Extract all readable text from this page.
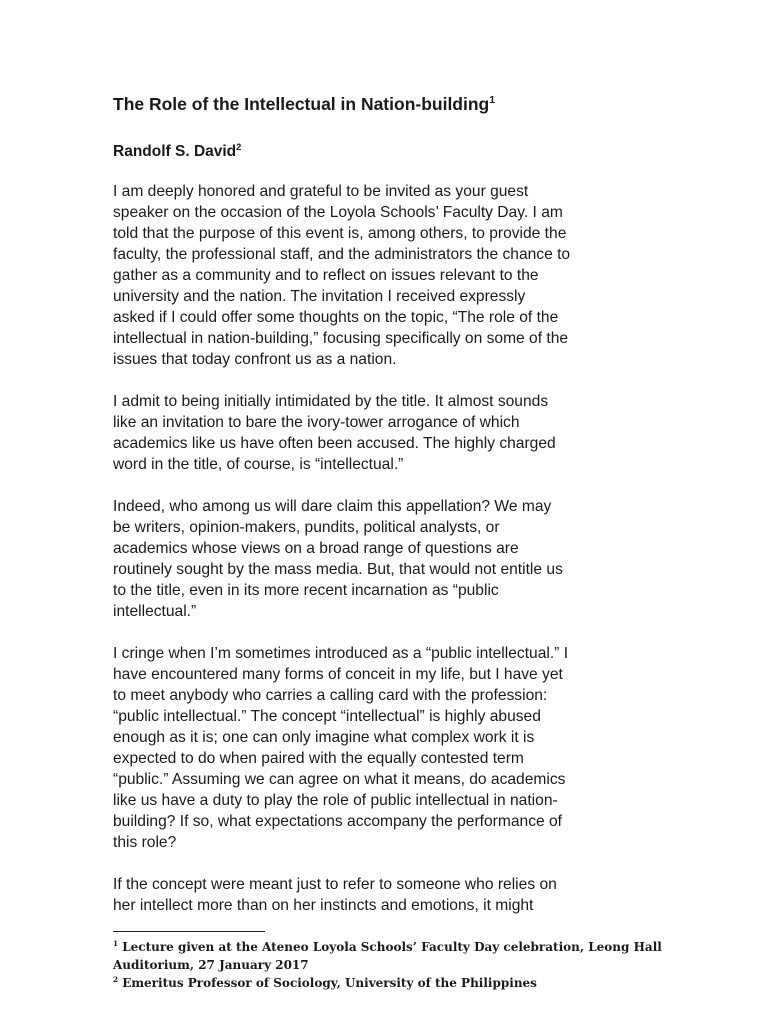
The Role of the Intellectual in Nation-building$^1$
Randolf S. David$^2$

I am deeply honored and grateful to be invited as your guest
speaker on the occasion of the Loyola Schools’ Faculty Day. I am
told that the purpose of this event is, among others, to provide the
faculty, the professional staff, and the administrators the chance to
gather as a community and to reflect on issues relevant to the
university and the nation. The invitation I received expressly
asked if I could offer some thoughts on the topic, “The role of the
intellectual in nation-building,” focusing specifically on some of the
issues that today confront us as a nation.

I admit to being initially intimidated by the title. It almost sounds
like an invitation to bare the ivory-tower arrogance of which
academics like us have often been accused. The highly charged
word in the title, of course, is “intellectual.”

Indeed, who among us will dare claim this appellation? We may
be writers, opinion-makers, pundits, political analysts, or
academics whose views on a broad range of questions are
routinely sought by the mass media. But, that would not entitle us
to the title, even in its more recent incarnation as “public
intellectual.”

I cringe when I’m sometimes introduced as a “public intellectual.” I
have encountered many forms of conceit in my life, but I have yet
to meet anybody who carries a calling card with the profession:
“public intellectual.” The concept “intellectual” is highly abused
enough as it is; one can only imagine what complex work it is
expected to do when paired with the equally contested term
“public.” Assuming we can agree on what it means, do academics
like us have a duty to play the role of public intellectual in nation-
building? If so, what expectations accompany the performance of
this role?

If the concept were meant just to refer to someone who relies on
her intellect more than on her instincts and emotions, it might

$^1$ Lecture given at the Ateneo Loyola Schools’ Faculty Day celebration, Leong Hall
Auditorium, 27 January 2017
$^2$ Emeritus Professor of Sociology, University of the Philippines
